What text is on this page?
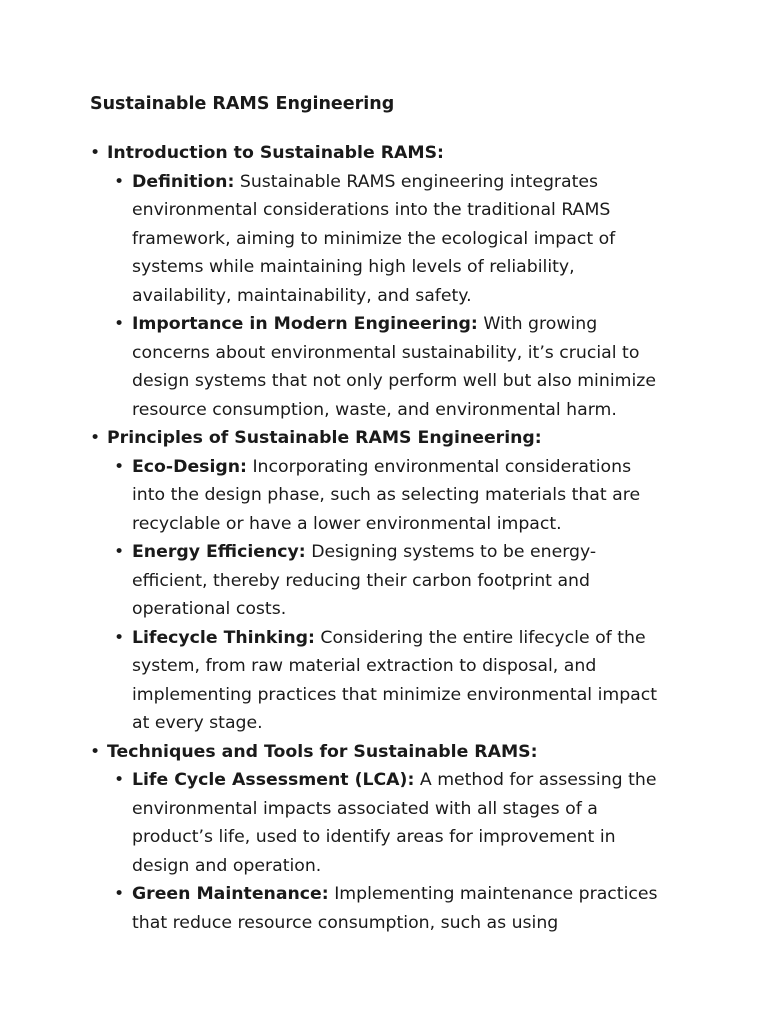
Sustainable RAMS Engineering
• Introduction to Sustainable RAMS:
• Definition: Sustainable RAMS engineering integrates environmental considerations into the traditional RAMS framework, aiming to minimize the ecological impact of systems while maintaining high levels of reliability, availability, maintainability, and safety.
• Importance in Modern Engineering: With growing concerns about environmental sustainability, it’s crucial to design systems that not only perform well but also minimize resource consumption, waste, and environmental harm.
• Principles of Sustainable RAMS Engineering:
• Eco-Design: Incorporating environmental considerations into the design phase, such as selecting materials that are recyclable or have a lower environmental impact.
• Energy Efficiency: Designing systems to be energy-efficient, thereby reducing their carbon footprint and operational costs.
• Lifecycle Thinking: Considering the entire lifecycle of the system, from raw material extraction to disposal, and implementing practices that minimize environmental impact at every stage.
• Techniques and Tools for Sustainable RAMS:
• Life Cycle Assessment (LCA): A method for assessing the environmental impacts associated with all stages of a product’s life, used to identify areas for improvement in design and operation.
• Green Maintenance: Implementing maintenance practices that reduce resource consumption, such as using
